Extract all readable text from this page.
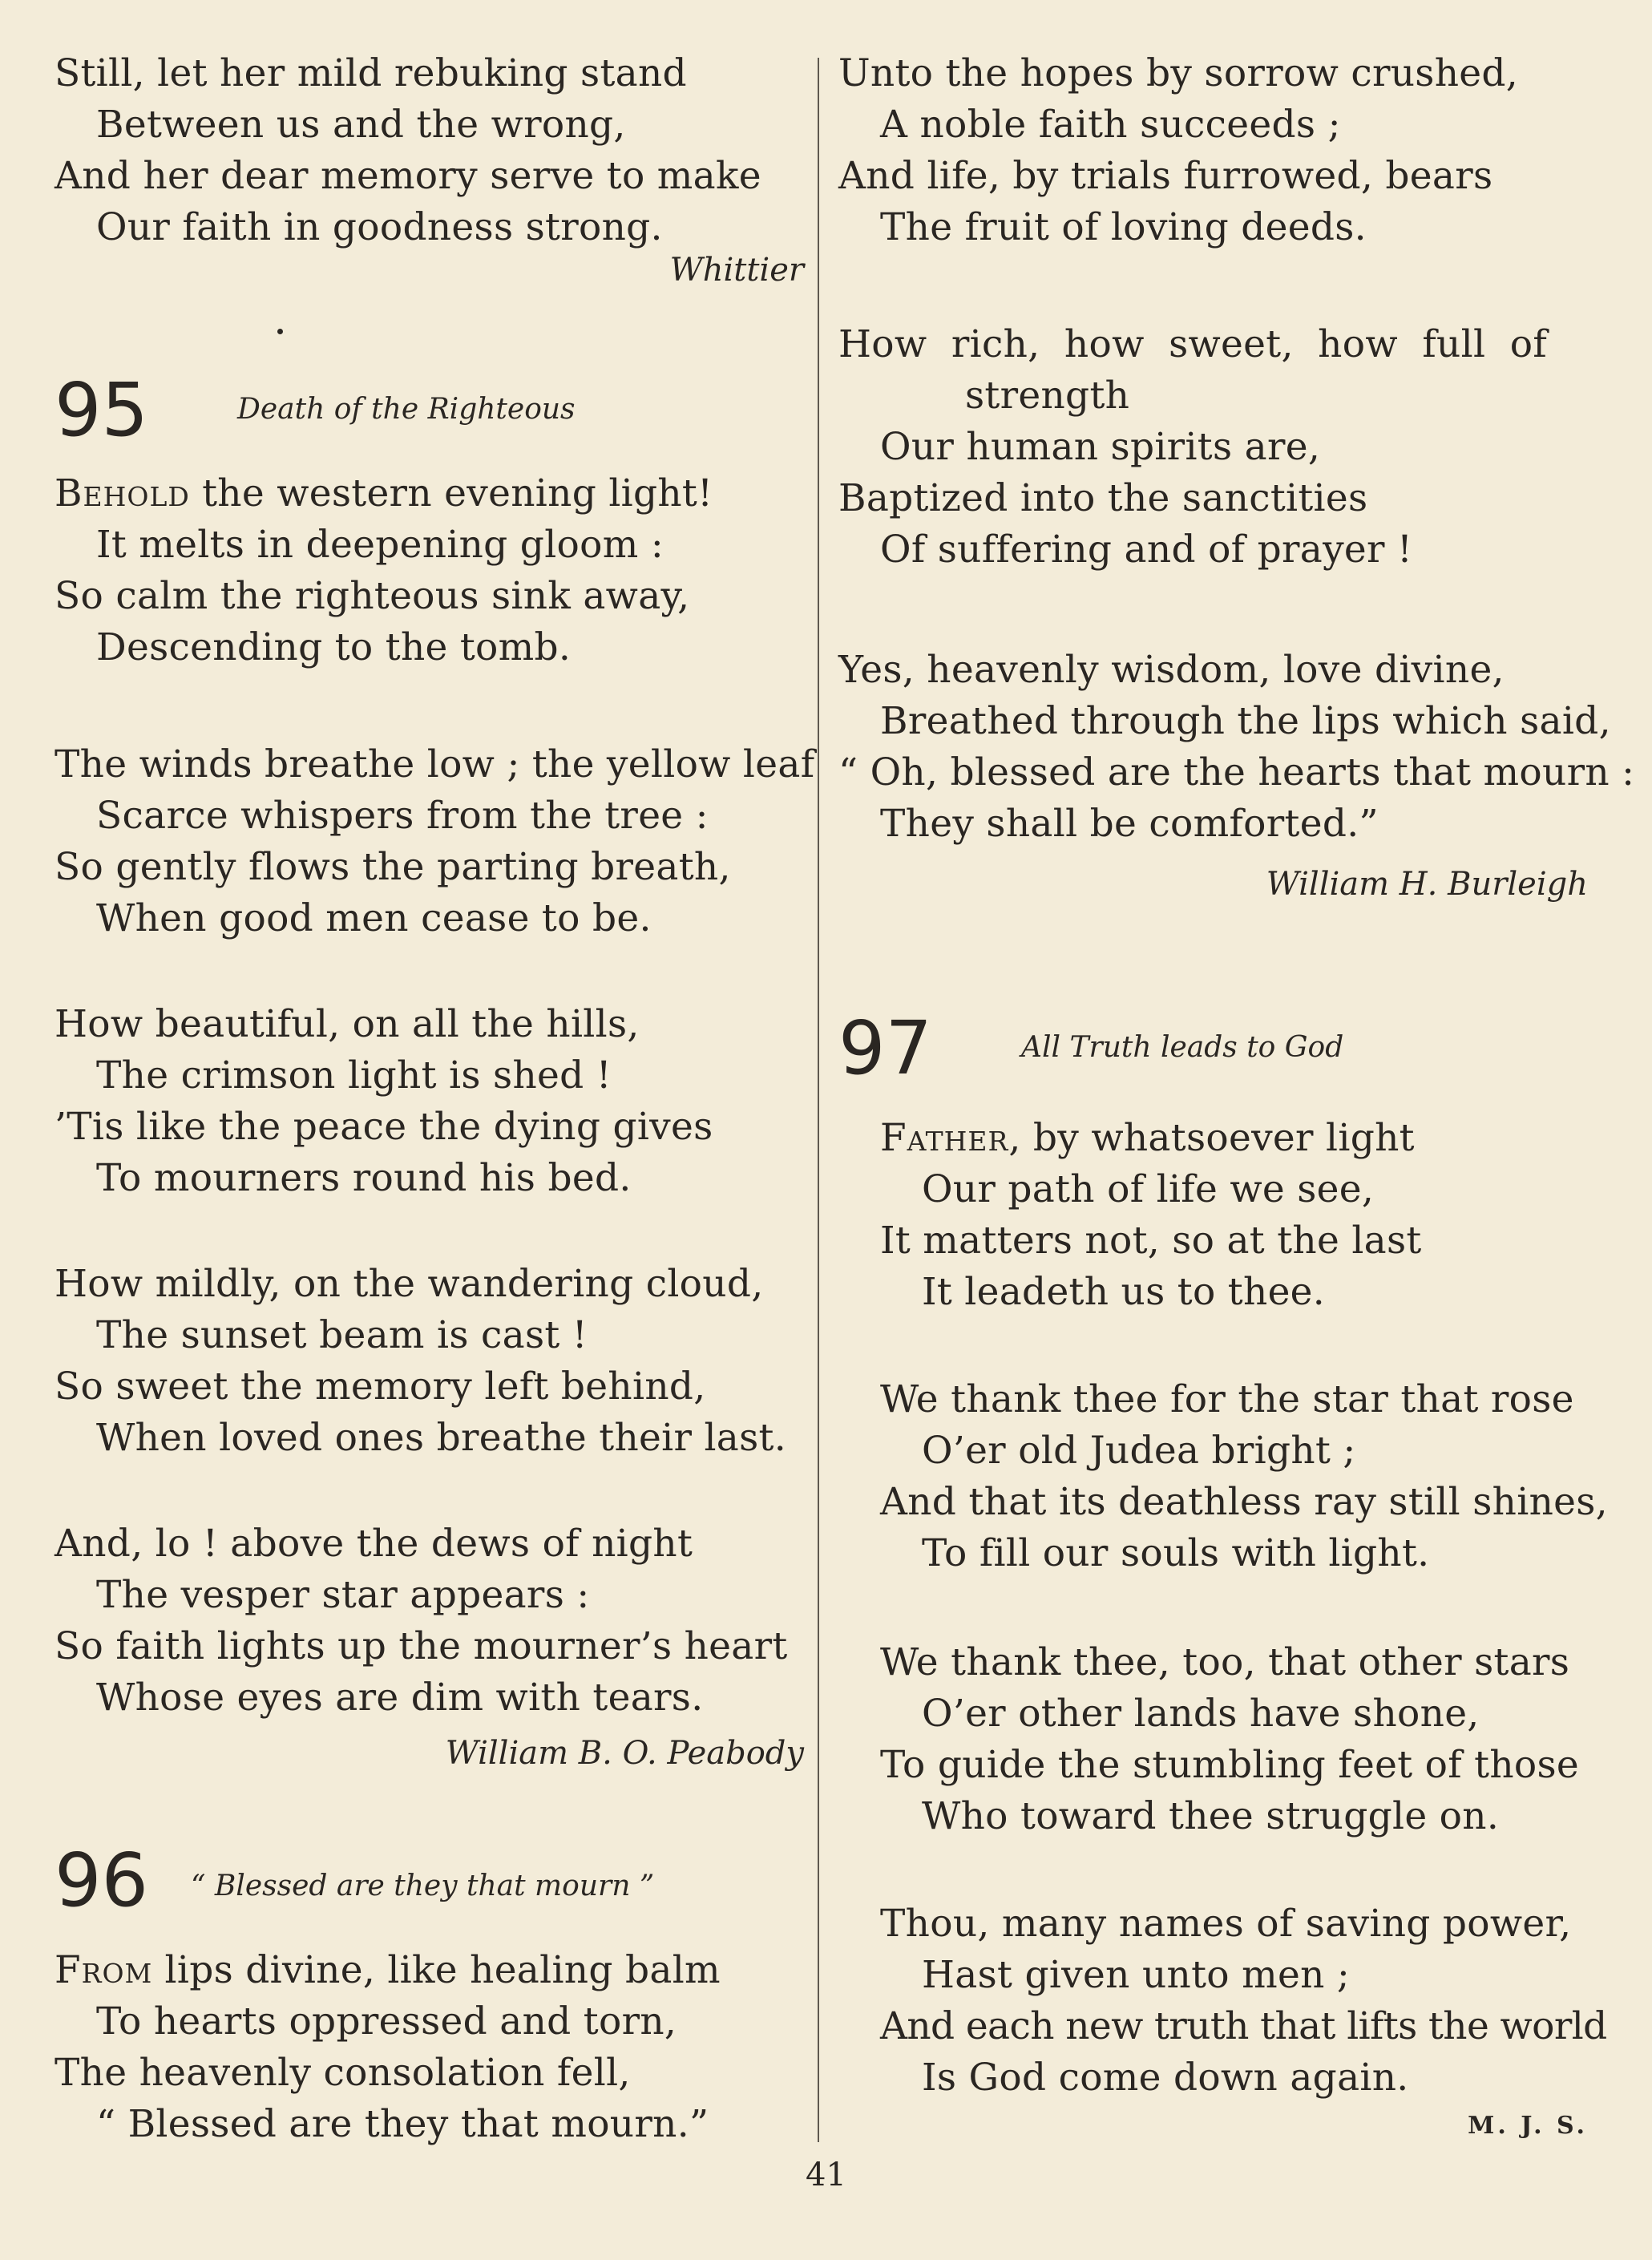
Still, let her mild rebuking stand
Between us and the wrong,
And her dear memory serve to make
Our faith in goodness strong.
Whittier
95	Death of the Righteous
Behold the western evening light!
It melts in deepening gloom :
So calm the righteous sink away,
Descending to the tomb.
The winds breathe low ; the yellow leaf
Scarce whispers from the tree :
So gently flows the parting breath,
When good men cease to be.
How beautiful, on all the hills,
The crimson light is shed !
’Tis like the peace the dying gives
To mourners round his bed.
How mildly, on the wandering cloud,
The sunset beam is cast !
So sweet the memory left behind,
When loved ones breathe their last.
And, lo ! above the dews of night
The vesper star appears :
So faith lights up the mourner’s heart
Whose eyes are dim with tears.
William B. O. Peabody
96 “ Blessed are they that mourn ”
From lips divine, like healing balm
To hearts oppressed and torn,
The heavenly consolation fell,
“ Blessed are they that mourn.”
Unto the hopes by sorrow crushed,
A noble faith succeeds ;
And life, by trials furrowed, bears
The fruit of loving deeds.
How  rich,  how  sweet,  how  full  of
strength
Our human spirits are,
Baptized into the sanctities
Of suffering and of prayer !
Yes, heavenly wisdom, love divine,
Breathed through the lips which said,
“ Oh, blessed are the hearts that mourn :
They shall be comforted.”
William H. Burleigh
97	All Truth leads to God
Father, by whatsoever light
Our path of life we see,
It matters not, so at the last
It leadeth us to thee.
We thank thee for the star that rose
O’er old Judea bright ;
And that its deathless ray still shines,
To fill our souls with light.
We thank thee, too, that other stars
O’er other lands have shone,
To guide the stumbling feet of those
Who toward thee struggle on.
Thou, many names of saving power,
Hast given unto men ;
And each new truth that lifts the world
Is God come down again.
M. J. S.
41
